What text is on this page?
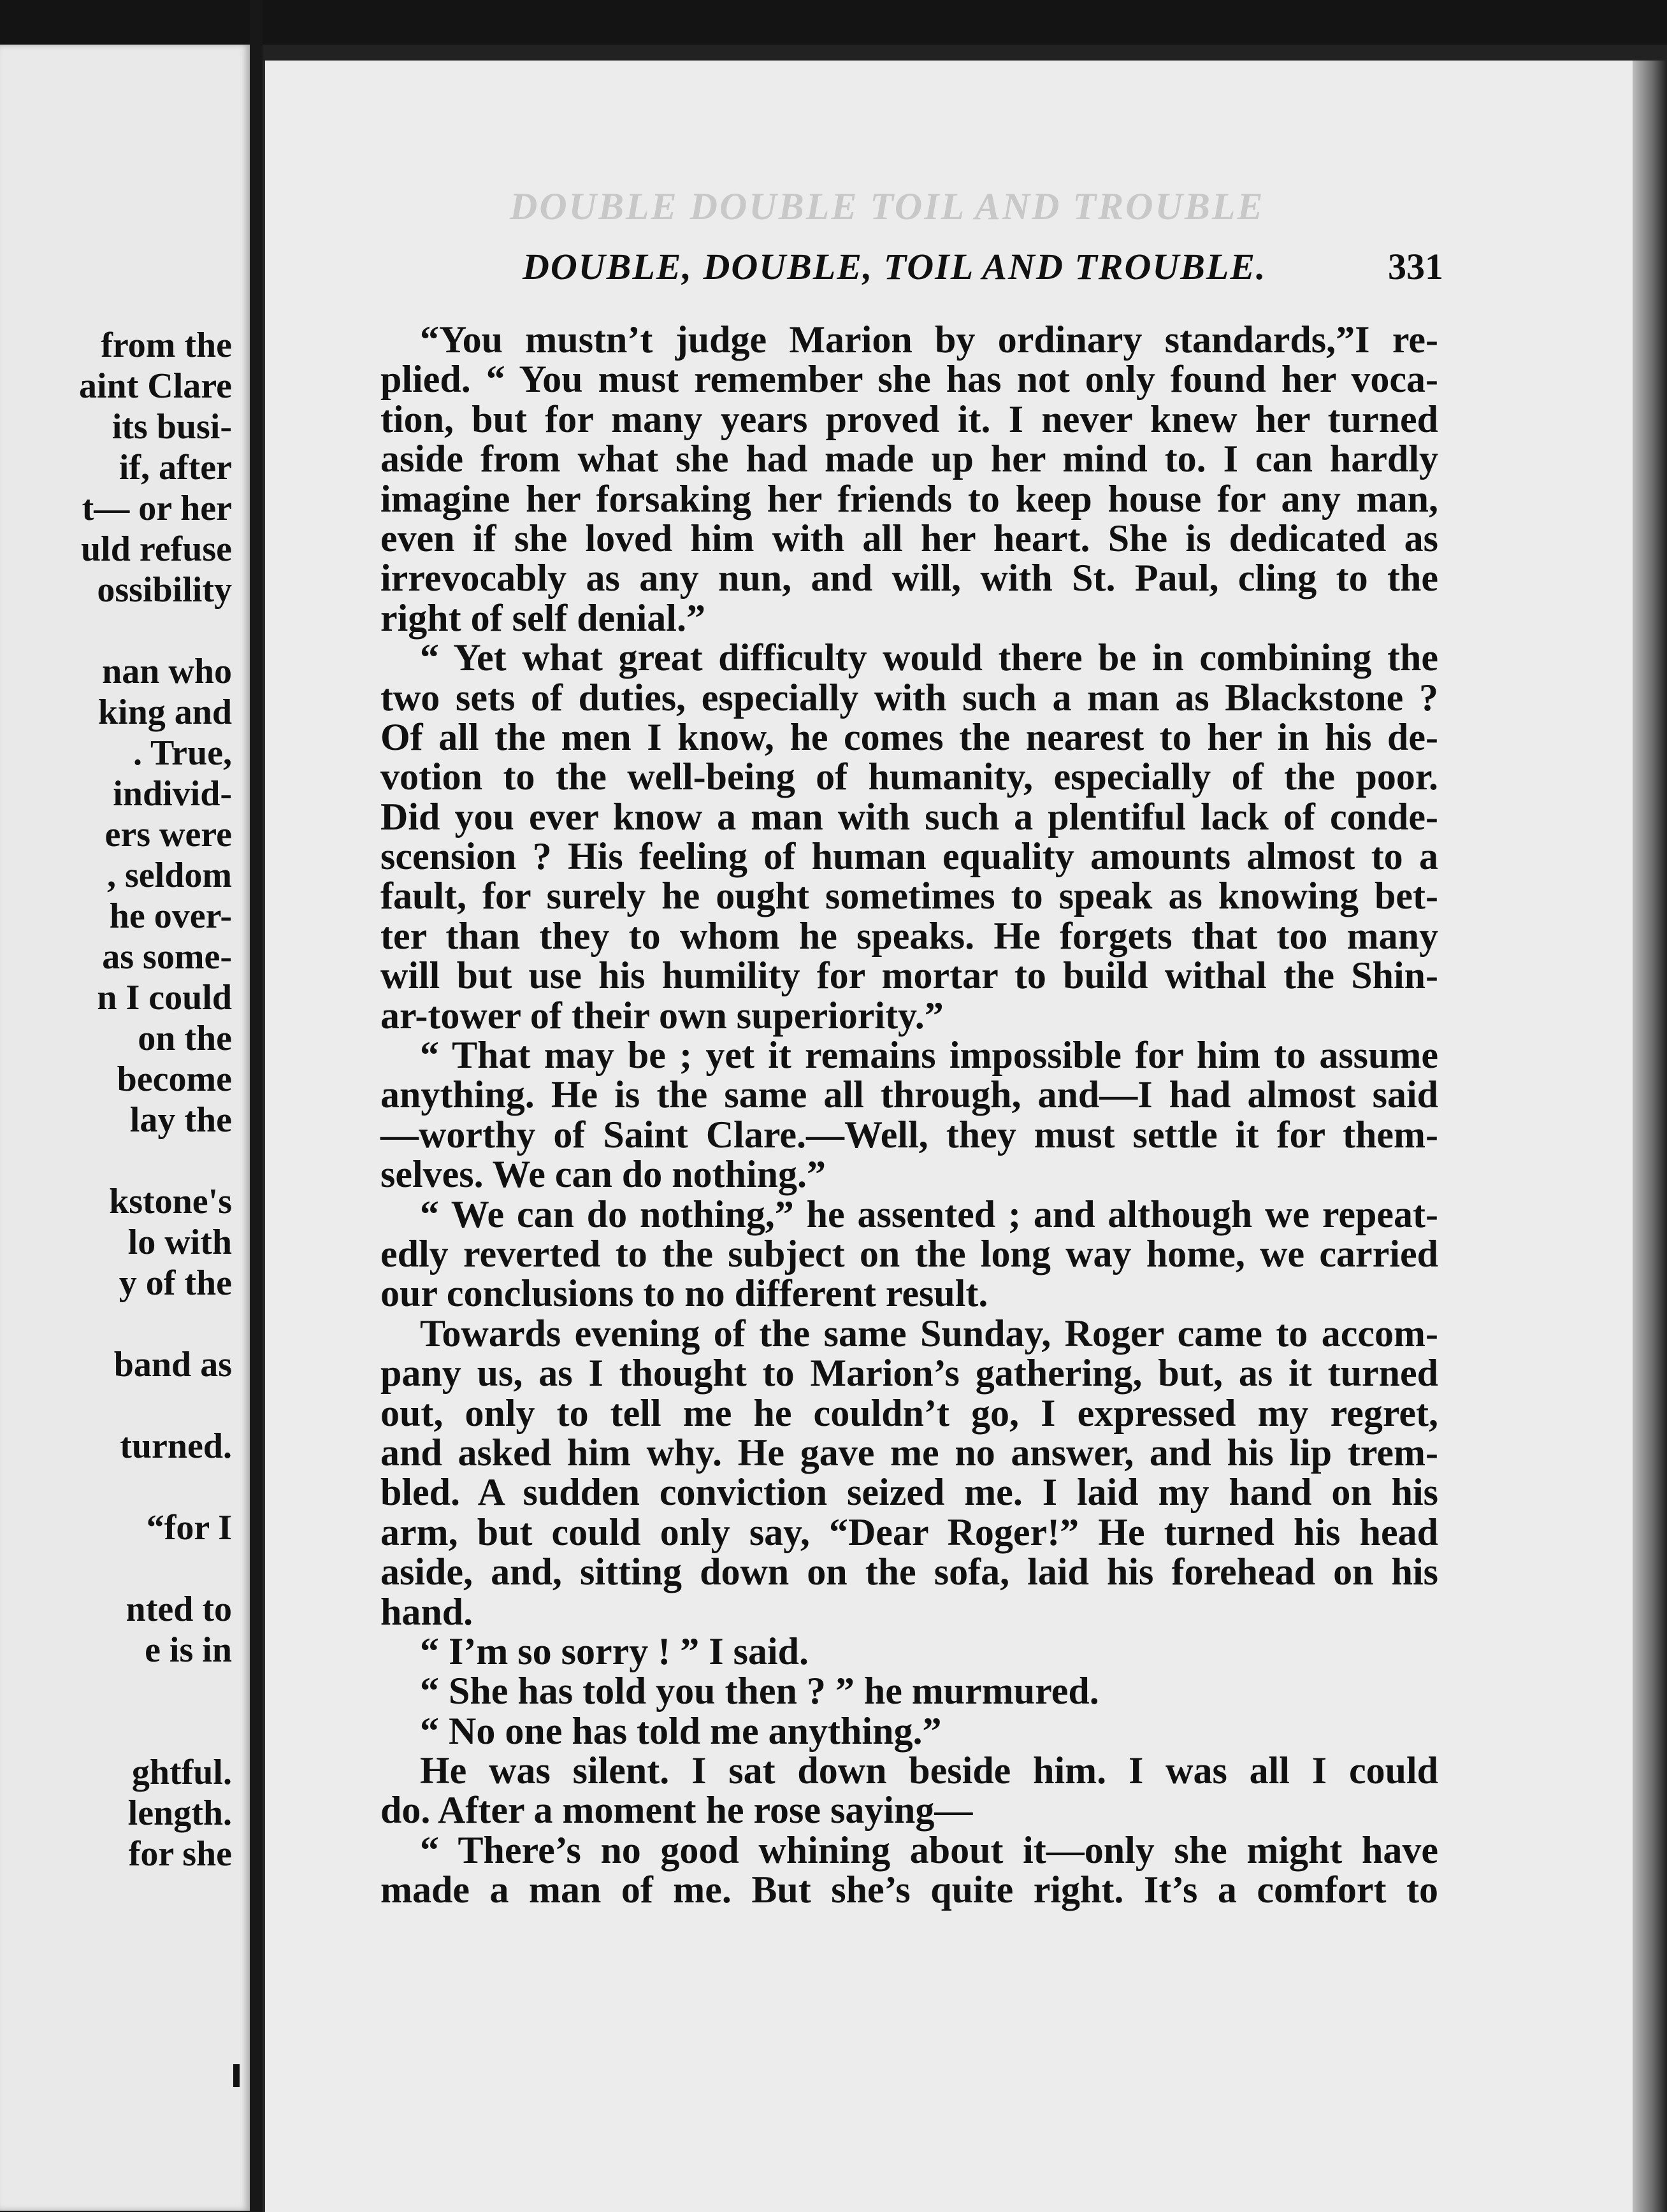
from the
aint Clare
its busi-
if, after
t— or her
uld refuse
ossibility
nan who
king and
. True,
individ-
ers were
, seldom
he over-
as some-
n I could
on the
become
lay the
kstone's
lo with
y of the
band as
turned.
“for I
nted to
e is in
ghtful.
length.
for she
DOUBLE DOUBLE TOIL AND TROUBLE
DOUBLE, DOUBLE, TOIL AND TROUBLE.	331
“You mustn’t judge Marion by ordinary standards,”I re-
plied. “ You must remember she has not only found her voca-
tion, but for many years proved it. I never knew her turned
aside from what she had made up her mind to. I can hardly
imagine her forsaking her friends to keep house for any man,
even if she loved him with all her heart. She is dedicated as
irrevocably as any nun, and will, with St. Paul, cling to the
right of self denial.”
“ Yet what great difficulty would there be in combining the
two sets of duties, especially with such a man as Blackstone ?
Of all the men I know, he comes the nearest to her in his de-
votion to the well-being of humanity, especially of the poor.
Did you ever know a man with such a plentiful lack of conde-
scension ? His feeling of human equality amounts almost to a
fault, for surely he ought sometimes to speak as knowing bet-
ter than they to whom he speaks. He forgets that too many
will but use his humility for mortar to build withal the Shin-
ar-tower of their own superiority.”
“ That may be ; yet it remains impossible for him to assume
anything. He is the same all through, and—I had almost said
—worthy of Saint Clare.—Well, they must settle it for them-
selves. We can do nothing.”
“ We can do nothing,” he assented ; and although we repeat-
edly reverted to the subject on the long way home, we carried
our conclusions to no different result.
Towards evening of the same Sunday, Roger came to accom-
pany us, as I thought to Marion’s gathering, but, as it turned
out, only to tell me he couldn’t go, I expressed my regret,
and asked him why. He gave me no answer, and his lip trem-
bled. A sudden conviction seized me. I laid my hand on his
arm, but could only say, “Dear Roger!” He turned his head
aside, and, sitting down on the sofa, laid his forehead on his
hand.
“ I’m so sorry ! ” I said.
“ She has told you then ? ” he murmured.
“ No one has told me anything.”
He was silent. I sat down beside him. I was all I could
do. After a moment he rose saying—
“ There’s no good whining about it—only she might have
made a man of me. But she’s quite right. It’s a comfort to
